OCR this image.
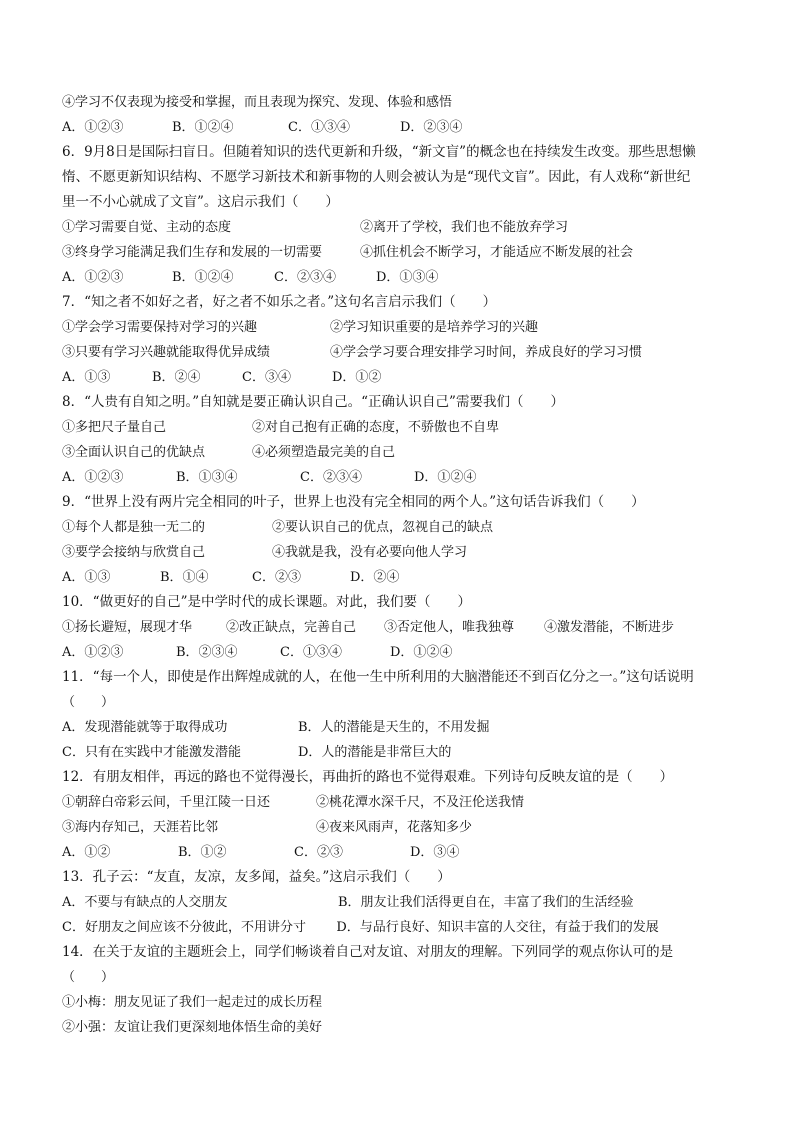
④学习不仅表现为接受和掌握，而且表现为探究、发现、体验和感悟
A．①②③	B．①②④	C．①③④	D．②③④
6．9月8日是国际扫盲日。但随着知识的迭代更新和升级，“新文盲”的概念也在持续发生改变。那些思想懒
惰、不愿更新知识结构、不愿学习新技术和新事物的人则会被认为是“现代文盲”。因此，有人戏称“新世纪
里一不小心就成了文盲”。这启示我们（　　）
①学习需要自觉、主动的态度	②离开了学校，我们也不能放弃学习
③终身学习能满足我们生存和发展的一切需要	④抓住机会不断学习，才能适应不断发展的社会
A．①②③	B．①②④	C．②③④	D．①③④
7．“知之者不如好之者，好之者不如乐之者。”这句名言启示我们（　　）
①学会学习需要保持对学习的兴趣	②学习知识重要的是培养学习的兴趣
③只要有学习兴趣就能取得优异成绩	④学会学习要合理安排学习时间，养成良好的学习习惯
A．①③	B．②④	C．③④	D．①②
8．“人贵有自知之明。”自知就是要正确认识自己。“正确认识自己”需要我们（　　）
①多把尺子量自己	②对自己抱有正确的态度，不骄傲也不自卑
③全面认识自己的优缺点	④必须塑造最完美的自己
A．①②③	B．①③④	C．②③④	D．①②④
9．“世界上没有两片完全相同的叶子，世界上也没有完全相同的两个人。”这句话告诉我们（　　）
①每个人都是独一无二的	②要认识自己的优点，忽视自己的缺点
③要学会接纳与欣赏自己	④我就是我，没有必要向他人学习
A．①③	B．①④	C．②③	D．②④
10．“做更好的自己”是中学时代的成长课题。对此，我们要（　　）
①扬长避短，展现才华	②改正缺点，完善自己	③否定他人，唯我独尊	④激发潜能，不断进步
A．①②③	B．②③④	C．①③④	D．①②④
11．“每一个人，即使是作出辉煌成就的人，在他一生中所利用的大脑潜能还不到百亿分之一。”这句话说明
（　　）
A．发现潜能就等于取得成功	B．人的潜能是天生的，不用发掘
C．只有在实践中才能激发潜能	D．人的潜能是非常巨大的
12．有朋友相伴，再远的路也不觉得漫长，再曲折的路也不觉得艰难。下列诗句反映友谊的是（　　）
①朝辞白帝彩云间，千里江陵一日还	②桃花潭水深千尺，不及汪伦送我情
③海内存知己，天涯若比邻	④夜来风雨声，花落知多少
A．①②	B．①②	C．②③	D．③④
13．孔子云：“友直，友凉，友多闻，益矣。”这启示我们（　　）
A．不要与有缺点的人交朋友	B．朋友让我们活得更自在，丰富了我们的生活经验
C．好朋友之间应该不分彼此，不用讲分寸	D．与品行良好、知识丰富的人交往，有益于我们的发展
14．在关于友谊的主题班会上，同学们畅谈着自己对友谊、对朋友的理解。下列同学的观点你认可的是
（　　）
①小梅：朋友见证了我们一起走过的成长历程
②小强：友谊让我们更深刻地体悟生命的美好
